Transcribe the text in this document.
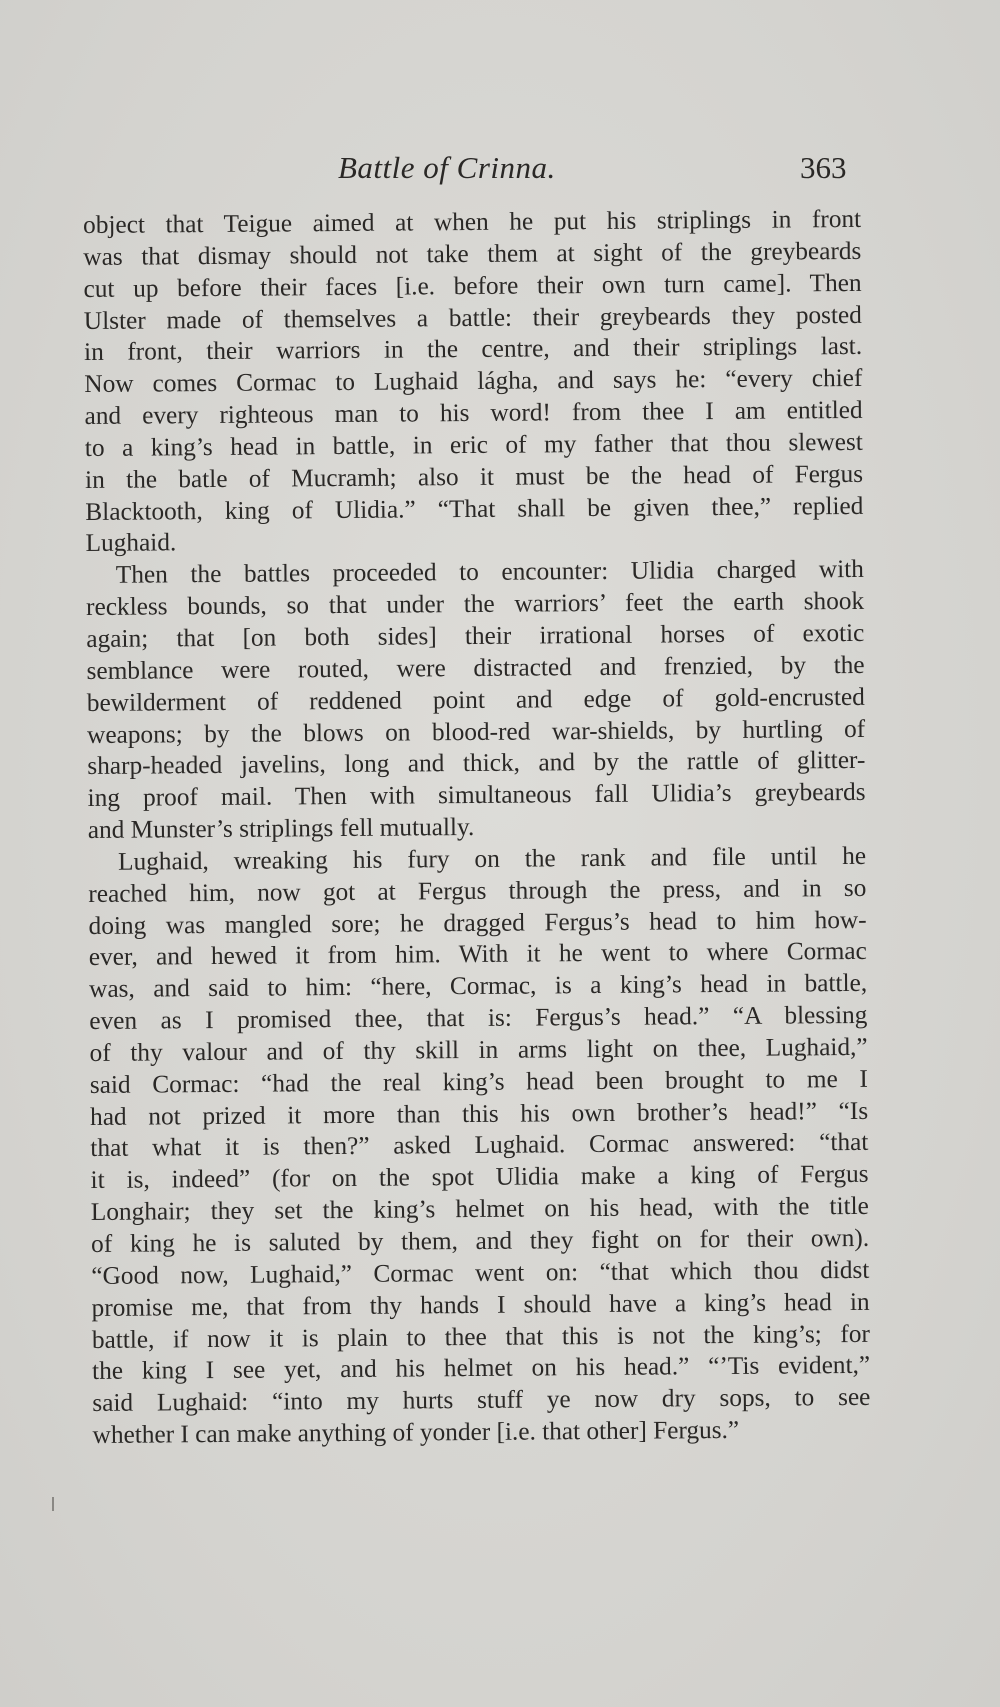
Battle of Crinna.	363
object that Teigue aimed at when he put his striplings in front
was that dismay should not take them at sight of the greybeards
cut up before their faces [i.e. before their own turn came]. Then
Ulster made of themselves a battle: their greybeards they posted
in front, their warriors in the centre, and their striplings last.
Now comes Cormac to Lughaid lágha, and says he: “every chief
and every righteous man to his word! from thee I am entitled
to a king’s head in battle, in eric of my father that thou slewest
in the batle of Mucramh; also it must be the head of Fergus
Blacktooth, king of Ulidia.” “That shall be given thee,” replied
Lughaid.
Then the battles proceeded to encounter: Ulidia charged with
reckless bounds, so that under the warriors’ feet the earth shook
again; that [on both sides] their irrational horses of exotic
semblance were routed, were distracted and frenzied, by the
bewilderment of reddened point and edge of gold-encrusted
weapons; by the blows on blood-red war-shields, by hurtling of
sharp-headed javelins, long and thick, and by the rattle of glitter-
ing proof mail. Then with simultaneous fall Ulidia’s greybeards
and Munster’s striplings fell mutually.
Lughaid, wreaking his fury on the rank and file until he
reached him, now got at Fergus through the press, and in so
doing was mangled sore; he dragged Fergus’s head to him how-
ever, and hewed it from him. With it he went to where Cormac
was, and said to him: “here, Cormac, is a king’s head in battle,
even as I promised thee, that is: Fergus’s head.” “A blessing
of thy valour and of thy skill in arms light on thee, Lughaid,”
said Cormac: “had the real king’s head been brought to me I
had not prized it more than this his own brother’s head!” “Is
that what it is then?” asked Lughaid. Cormac answered: “that
it is, indeed” (for on the spot Ulidia make a king of Fergus
Longhair; they set the king’s helmet on his head, with the title
of king he is saluted by them, and they fight on for their own).
“Good now, Lughaid,” Cormac went on: “that which thou didst
promise me, that from thy hands I should have a king’s head in
battle, if now it is plain to thee that this is not the king’s; for
the king I see yet, and his helmet on his head.” “’Tis evident,”
said Lughaid: “into my hurts stuff ye now dry sops, to see
whether I can make anything of yonder [i.e. that other] Fergus.”
